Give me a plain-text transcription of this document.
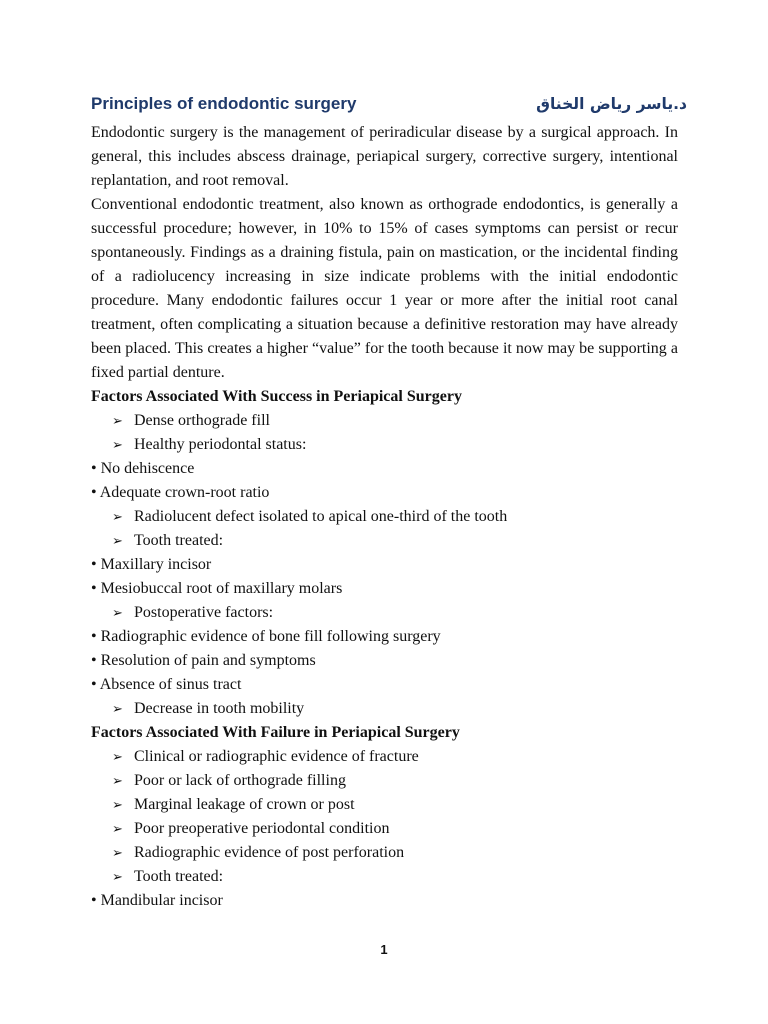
Principles of endodontic surgery	د.ياسر رياض الخناق

Endodontic surgery is the management of periradicular disease by a surgical approach. In general, this includes abscess drainage, periapical surgery, corrective surgery, intentional replantation, and root removal.

Conventional endodontic treatment, also known as orthograde endodontics, is generally a successful procedure; however, in 10% to 15% of cases symptoms can persist or recur spontaneously. Findings as a draining fistula, pain on mastication, or the incidental finding of a radiolucency increasing in size indicate problems with the initial endodontic procedure. Many endodontic failures occur 1 year or more after the initial root canal treatment, often complicating a situation because a definitive restoration may have already been placed. This creates a higher “value” for the tooth because it now may be supporting a fixed partial denture.

Factors Associated With Success in Periapical Surgery

➢ Dense orthograde fill
➢ Healthy periodontal status:
• No dehiscence
• Adequate crown-root ratio
➢ Radiolucent defect isolated to apical one-third of the tooth
➢ Tooth treated:
• Maxillary incisor
• Mesiobuccal root of maxillary molars
➢ Postoperative factors:
• Radiographic evidence of bone fill following surgery
• Resolution of pain and symptoms
• Absence of sinus tract
➢ Decrease in tooth mobility

Factors Associated With Failure in Periapical Surgery

➢ Clinical or radiographic evidence of fracture
➢ Poor or lack of orthograde filling
➢ Marginal leakage of crown or post
➢ Poor preoperative periodontal condition
➢ Radiographic evidence of post perforation
➢ Tooth treated:
• Mandibular incisor
1
